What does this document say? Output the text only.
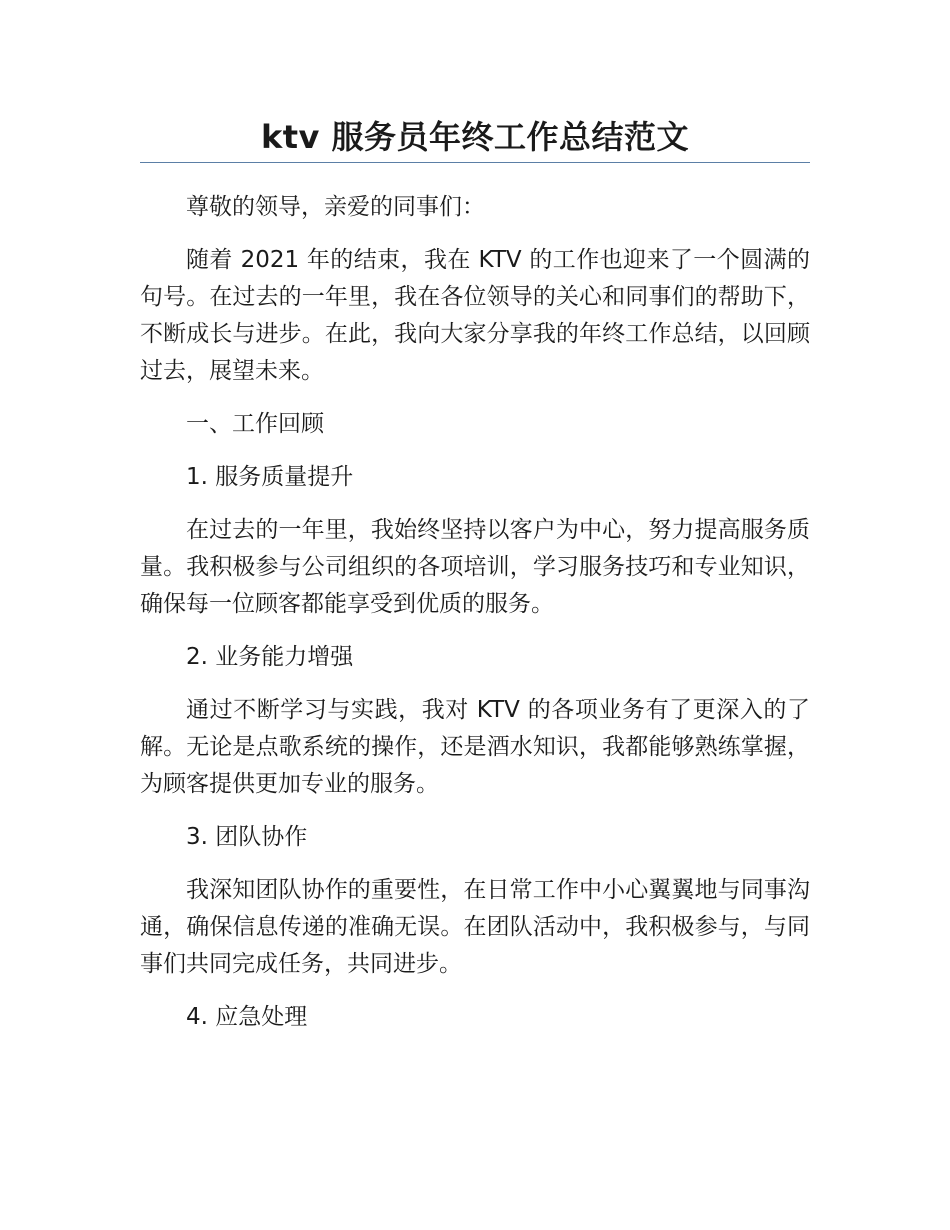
ktv 服务员年终工作总结范文

尊敬的领导，亲爱的同事们：

随着 2021 年的结束，我在 KTV 的工作也迎来了一个圆满的句号。在过去的一年里，我在各位领导的关心和同事们的帮助下，不断成长与进步。在此，我向大家分享我的年终工作总结，以回顾过去，展望未来。

一、工作回顾

1. 服务质量提升

在过去的一年里，我始终坚持以客户为中心，努力提高服务质量。我积极参与公司组织的各项培训，学习服务技巧和专业知识，确保每一位顾客都能享受到优质的服务。

2. 业务能力增强

通过不断学习与实践，我对 KTV 的各项业务有了更深入的了解。无论是点歌系统的操作，还是酒水知识，我都能够熟练掌握，为顾客提供更加专业的服务。

3. 团队协作

我深知团队协作的重要性，在日常工作中小心翼翼地与同事沟通，确保信息传递的准确无误。在团队活动中，我积极参与，与同事们共同完成任务，共同进步。

4. 应急处理
